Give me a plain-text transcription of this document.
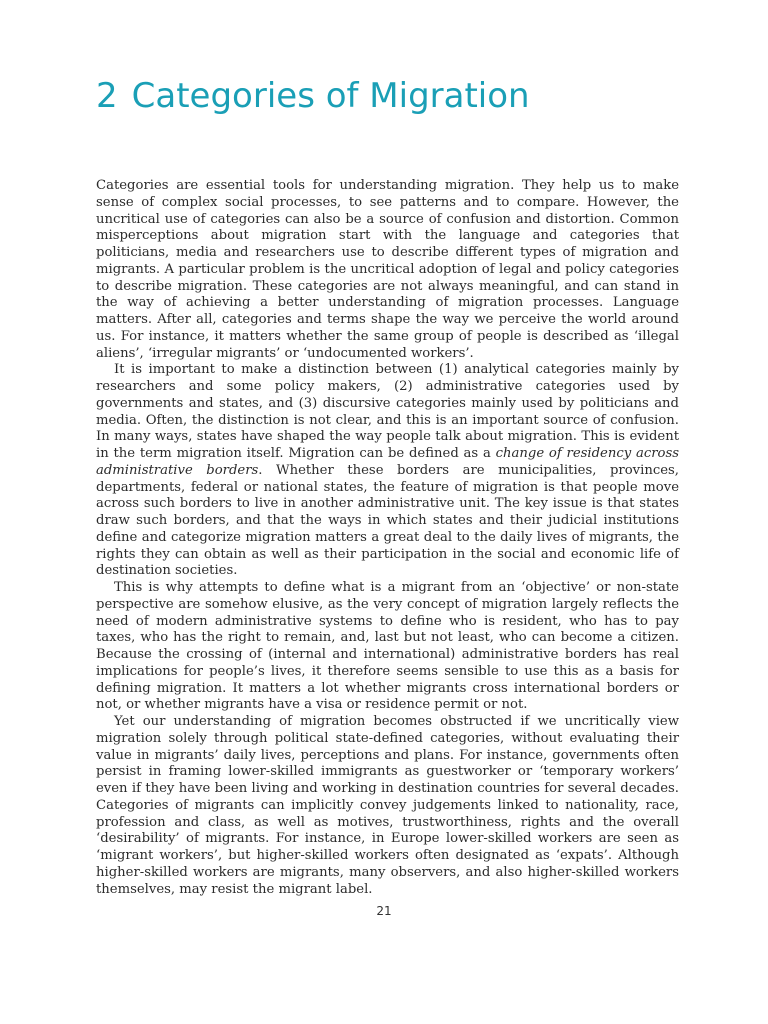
2 Categories of Migration

Categories are essential tools for understanding migration. They help us to make sense of complex social processes, to see patterns and to compare. However, the uncritical use of categories can also be a source of confusion and distortion. Common misperceptions about migration start with the language and categories that politicians, media and researchers use to describe different types of migration and migrants. A particular problem is the uncritical adoption of legal and policy categories to describe migration. These categories are not always meaningful, and can stand in the way of achieving a better understanding of migration processes. Language matters. After all, categories and terms shape the way we perceive the world around us. For instance, it matters whether the same group of people is described as ‘illegal aliens’, ‘irregular migrants’ or ‘undocumented workers’.

It is important to make a distinction between (1) analytical categories mainly by researchers and some policy makers, (2) administrative categories used by governments and states, and (3) discursive categories mainly used by politicians and media. Often, the distinction is not clear, and this is an important source of confusion. In many ways, states have shaped the way people talk about migration. This is evident in the term migration itself. Migration can be defined as a change of residency across administrative borders. Whether these borders are municipalities, provinces, departments, federal or national states, the feature of migration is that people move across such borders to live in another administrative unit. The key issue is that states draw such borders, and that the ways in which states and their judicial institutions define and categorize migration matters a great deal to the daily lives of migrants, the rights they can obtain as well as their participation in the social and economic life of destination societies.

This is why attempts to define what is a migrant from an ‘objective’ or non-state perspective are somehow elusive, as the very concept of migration largely reflects the need of modern administrative systems to define who is resident, who has to pay taxes, who has the right to remain, and, last but not least, who can become a citizen. Because the crossing of (internal and international) administrative borders has real implications for people’s lives, it therefore seems sensible to use this as a basis for defining migration. It matters a lot whether migrants cross international borders or not, or whether migrants have a visa or residence permit or not.

Yet our understanding of migration becomes obstructed if we uncritically view migration solely through political state-defined categories, without evaluating their value in migrants’ daily lives, perceptions and plans. For instance, governments often persist in framing lower-skilled immigrants as guestworker or ‘temporary workers’ even if they have been living and working in destination countries for several decades. Categories of migrants can implicitly convey judgements linked to nationality, race, profession and class, as well as motives, trustworthiness, rights and the overall ‘desirability’ of migrants. For instance, in Europe lower-skilled workers are seen as ‘migrant workers’, but higher-skilled workers often designated as ‘expats’. Although higher-skilled workers are migrants, many observers, and also higher-skilled workers themselves, may resist the migrant label.

21
